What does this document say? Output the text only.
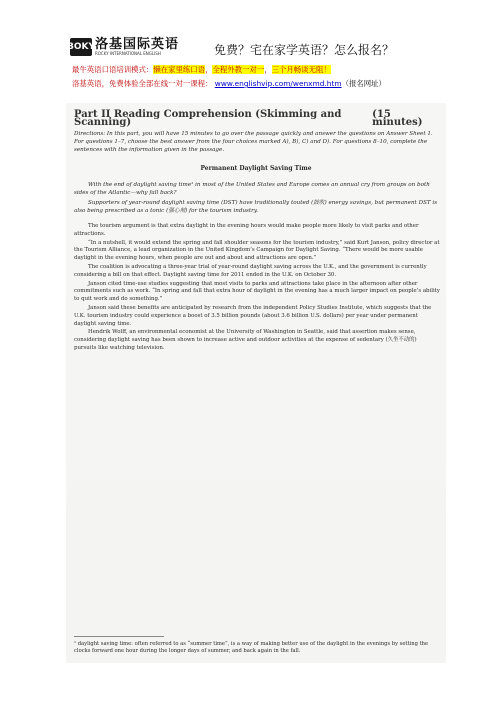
BOKY 洛基国际英语
ROCKY INTERNATIONAL ENGLISH	免费？宅在家学英语？怎么报名？
最牛英语口语培训模式：懒在家里练口语，全程外教一对一，三个月畅谈无阻！
洛基英语，免费体验全部在线一对一课程： www.englishvip.com/wenxmd.htm（报名网址）
Part II Reading Comprehension (Skimming and Scanning)
(15 minutes)
Directions: In this part, you will have 15 minutes to go over the passage quickly and answer the questions on Answer Sheet 1. For questions 1–7, choose the best answer from the four choices marked A), B), C) and D). For questions 8–10, complete the sentences with the information given in the passage.
Permanent Daylight Saving Time

With the end of daylight saving time¹ in most of the United States and Europe comes an annual cry from groups on both sides of the Atlantic—why fall back?

Supporters of year-round daylight saving time (DST) have traditionally touted (鼓吹) energy savings, but permanent DST is also being prescribed as a tonic (强心剂) for the tourism industry.

The tourism argument is that extra daylight in the evening hours would make people more likely to visit parks and other attractions.

“In a nutshell, it would extend the spring and fall shoulder seasons for the tourism industry,” said Kurt Janson, policy director at the Tourism Alliance, a lead organization in the United Kingdom’s Campaign for Daylight Saving. “There would be more usable daylight in the evening hours, when people are out and about and attractions are open.”

The coalition is advocating a three-year trial of year-round daylight saving across the U.K., and the government is currently considering a bill on that effect. Daylight saving time for 2011 ended in the U.K. on October 30.

Janson cited time-use studies suggesting that most visits to parks and attractions take place in the afternoon after other commitments such as work. “In spring and fall that extra hour of daylight in the evening has a much larger impact on people’s ability to quit work and do something.”

Janson said these benefits are anticipated by research from the independent Policy Studies Institute, which suggests that the U.K. tourism industry could experience a boost of 3.5 billion pounds (about 3.6 billion U.S. dollars) per year under permanent daylight saving time.

Hendrik Wolff, an environmental economist at the University of Washington in Seattle, said that assertion makes sense, considering daylight saving has been shown to increase active and outdoor activities at the expense of sedentary (久坐不动的) pursuits like watching television.

¹ daylight saving time: often referred to as “summer time”, is a way of making better use of the daylight in the evenings by setting the clocks forward one hour during the longer days of summer, and back again in the fall.
